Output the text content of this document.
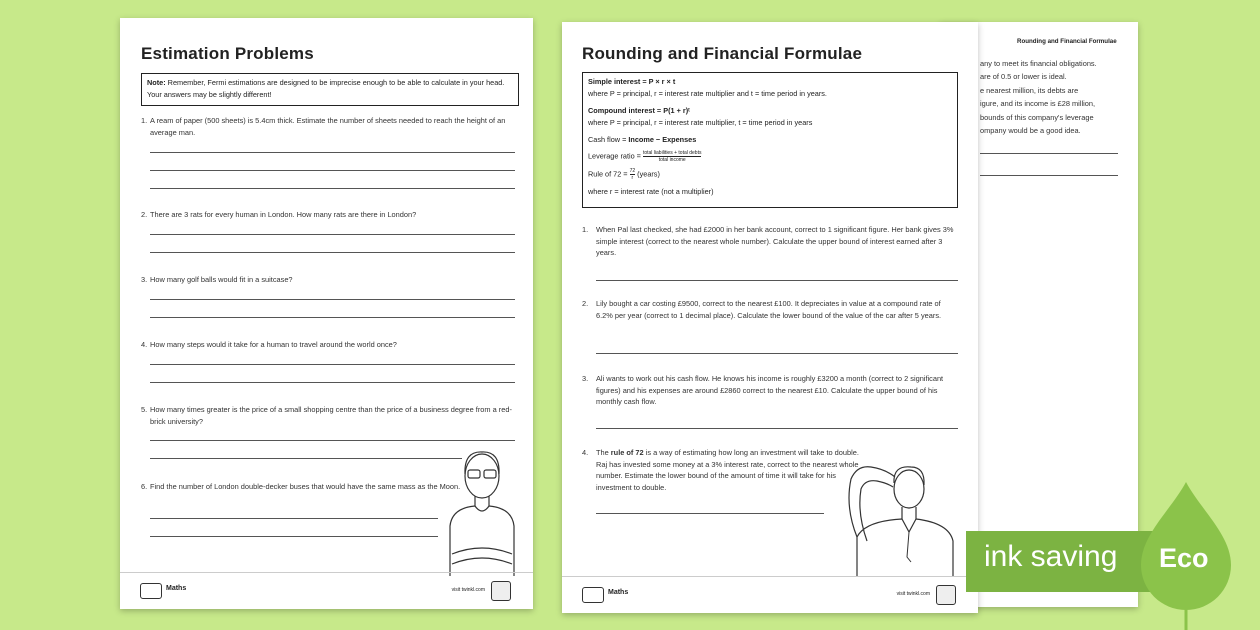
Estimation Problems
Note: Remember, Fermi estimations are designed to be imprecise enough to be able to calculate in your head. Your answers may be slightly different!
1. A ream of paper (500 sheets) is 5.4cm thick. Estimate the number of sheets needed to reach the height of an average man.
2. There are 3 rats for every human in London. How many rats are there in London?
3. How many golf balls would fit in a suitcase?
4. How many steps would it take for a human to travel around the world once?
5. How many times greater is the price of a small shopping centre than the price of a business degree from a red-brick university?
6. Find the number of London double-decker buses that would have the same mass as the Moon.
Maths	visit twinkl.com
Rounding and Financial Formulae
any to meet its financial obligations.
are of 0.5 or lower is ideal.
e nearest million, its debts are
igure, and its income is £28 million,
bounds of this company's leverage
ompany would be a good idea.
Rounding and Financial Formulae
Simple interest = P × r × t
where P = principal, r = interest rate multiplier and t = time period in years.
Compound interest = P(1 + r)ᵗ
where P = principal, r = interest rate multiplier, t = time period in years
Cash flow = Income − Expenses
Leverage ratio = $\frac{\text{total liabilities + total debts}}{\text{total income}}$
Rule of $72 = \frac{72}{r}$ (years)
where r = interest rate (not a multiplier)
1.	When Pal last checked, she had £2000 in her bank account, correct to 1 significant figure. Her bank gives 3% simple interest (correct to the nearest whole number). Calculate the upper bound of interest earned after 3 years.
2.	Lily bought a car costing £9500, correct to the nearest £100. It depreciates in value at a compound rate of 6.2% per year (correct to 1 decimal place). Calculate the lower bound of the value of the car after 5 years.
3.	Ali wants to work out his cash flow. He knows his income is roughly £3200 a month (correct to 2 significant figures) and his expenses are around £2860 correct to the nearest £10. Calculate the upper bound of his monthly cash flow.
4.	The rule of 72 is a way of estimating how long an investment will take to double. Raj has invested some money at a 3% interest rate, correct to the nearest whole number. Estimate the lower bound of the amount of time it will take for his investment to double.
Maths	visit twinkl.com
ink saving Eco
